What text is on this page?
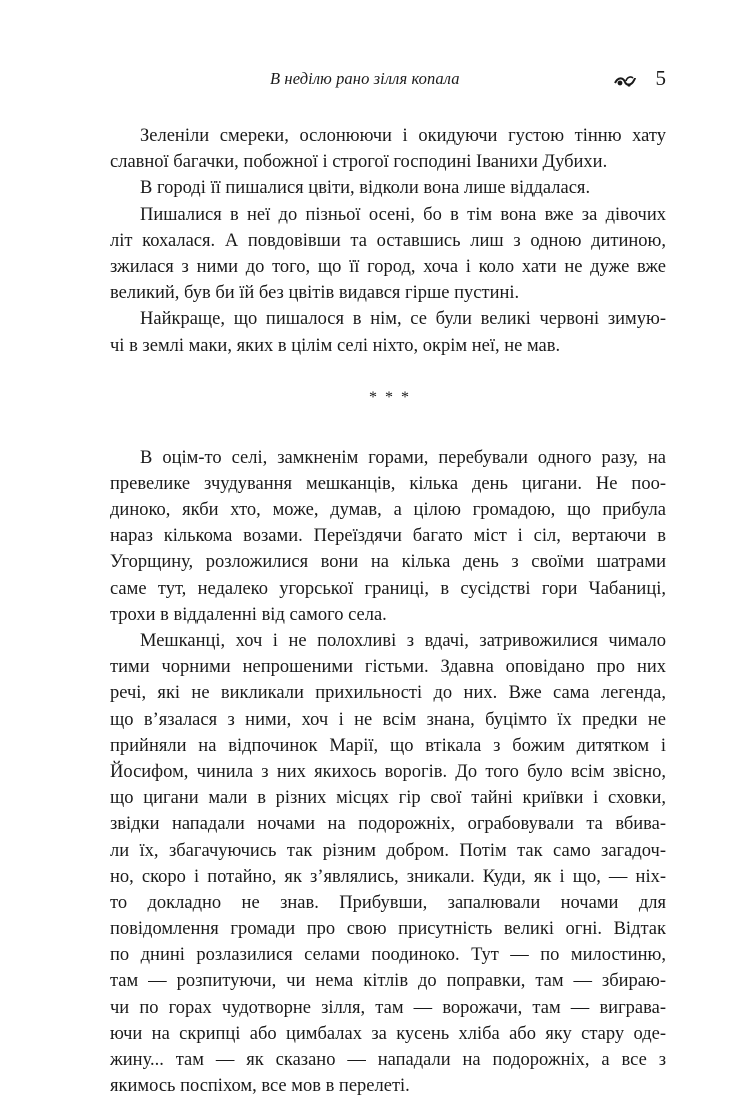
В неділю рано зілля копала	5
Зеленіли смереки, ослонюючи і окидуючи густою тінню хату
славної багачки, побожної і строгої господині Іванихи Дубихи.
В городі її пишалися цвіти, відколи вона лише віддалася.
Пишалися в неї до пізньої осені, бо в тім вона вже за дівочих
літ кохалася. А повдовівши та оставшись лиш з одною дитиною,
зжилася з ними до того, що її город, хоча і коло хати не дуже вже
великий, був би їй без цвітів видався гірше пустині.
Найкраще, що пишалося в нім, се були великі червоні зимую-
чі в землі маки, яких в цілім селі ніхто, окрім неї, не мав.
* * *
В оцім-то селі, замкненім горами, перебували одного разу, на
превелике зчудування мешканців, кілька день цигани. Не поо-
диноко, якби хто, може, думав, а цілою громадою, що прибула
нараз кількома возами. Переїздячи багато міст і сіл, вертаючи в
Угорщину, розложилися вони на кілька день з своїми шатрами
саме тут, недалеко угорської границі, в сусідстві гори Чабаниці,
трохи в віддаленні від самого села.
Мешканці, хоч і не полохливі з вдачі, затривожилися чимало
тими чорними непрошеними гістьми. Здавна оповідано про них
речі, які не викликали прихильності до них. Вже сама легенда,
що в’язалася з ними, хоч і не всім знана, буцімто їх предки не
прийняли на відпочинок Марії, що втікала з божим дитятком і
Йосифом, чинила з них якихось ворогів. До того було всім звісно,
що цигани мали в різних місцях гір свої тайні криївки і сховки,
звідки нападали ночами на подорожніх, ограбовували та вбива-
ли їх, збагачуючись так різним добром. Потім так само загадоч-
но, скоро і потайно, як з’являлись, зникали. Куди, як і що, — ніх-
то докладно не знав. Прибувши, запалювали ночами для
повідомлення громади про свою присутність великі огні. Відтак
по днині розлазилися селами поодиноко. Тут — по милостиню,
там — розпитуючи, чи нема кітлів до поправки, там — збираю-
чи по горах чудотворне зілля, там — ворожачи, там — виграва-
ючи на скрипці або цимбалах за кусень хліба або яку стару оде-
жину... там — як сказано — нападали на подорожніх, а все з
якимось поспіхом, все мов в перелеті.
